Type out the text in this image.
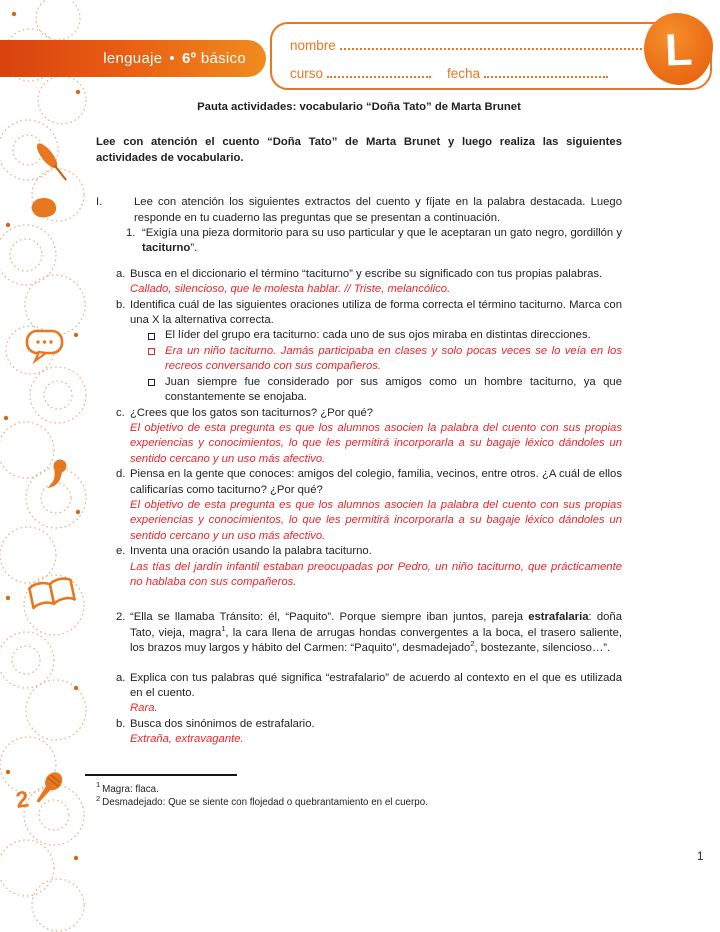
2
lenguaje • 6º básico
nombre
curso	fecha	L
Pauta actividades: vocabulario “Doña Tato” de Marta Brunet
Lee con atención el cuento “Doña Tato” de Marta Brunet y luego realiza las siguientes actividades de vocabulario.
I.	Lee con atención los siguientes extractos del cuento y fíjate en la palabra destacada. Luego responde en tu cuaderno las preguntas que se presentan a continuación.
1. “Exigía una pieza dormitorio para su uso particular y que le aceptaran un gato negro, gordillón y taciturno”.
a. Busca en el diccionario el término “taciturno” y escribe su significado con tus propias palabras.
Callado, silencioso, que le molesta hablar. // Triste, melancólico.
b. Identifica cuál de las siguientes oraciones utiliza de forma correcta el término taciturno. Marca con una X la alternativa correcta.
El líder del grupo era taciturno: cada uno de sus ojos miraba en distintas direcciones.
Era un niño taciturno. Jamás participaba en clases y solo pocas veces se lo veía en los recreos conversando con sus compañeros.
Juan siempre fue considerado por sus amigos como un hombre taciturno, ya que constantemente se enojaba.
c. ¿Crees que los gatos son taciturnos? ¿Por qué?
El objetivo de esta pregunta es que los alumnos asocien la palabra del cuento con sus propias experiencias y conocimientos, lo que les permitirá incorporarla a su bagaje léxico dándoles un sentido cercano y un uso más afectivo.
d. Piensa en la gente que conoces: amigos del colegio, familia, vecinos, entre otros. ¿A cuál de ellos calificarías como taciturno? ¿Por qué?
El objetivo de esta pregunta es que los alumnos asocien la palabra del cuento con sus propias experiencias y conocimientos, lo que les permitirá incorporarla a su bagaje léxico dándoles un sentido cercano y un uso más afectivo.
e. Inventa una oración usando la palabra taciturno.
Las tías del jardín infantil estaban preocupadas por Pedro, un niño taciturno, que prácticamente no hablaba con sus compañeros.
2. “Ella se llamaba Tránsito: él, “Paquito”. Porque siempre iban juntos, pareja estrafalaria: doña Tato, vieja, magra$^1$, la cara llena de arrugas hondas convergentes a la boca, el trasero saliente, los brazos muy largos y hábito del Carmen: “Paquito”, desmadejado$^2$, bostezante, silencioso…”.
a. Explica con tus palabras qué significa “estrafalario” de acuerdo al contexto en el que es utilizada en el cuento.
Rara.
b. Busca dos sinónimos de estrafalario.
Extraña, extravagante.
$^1$ Magra: flaca.
$^2$ Desmadejado: Que se siente con flojedad o quebrantamiento en el cuerpo.
1
